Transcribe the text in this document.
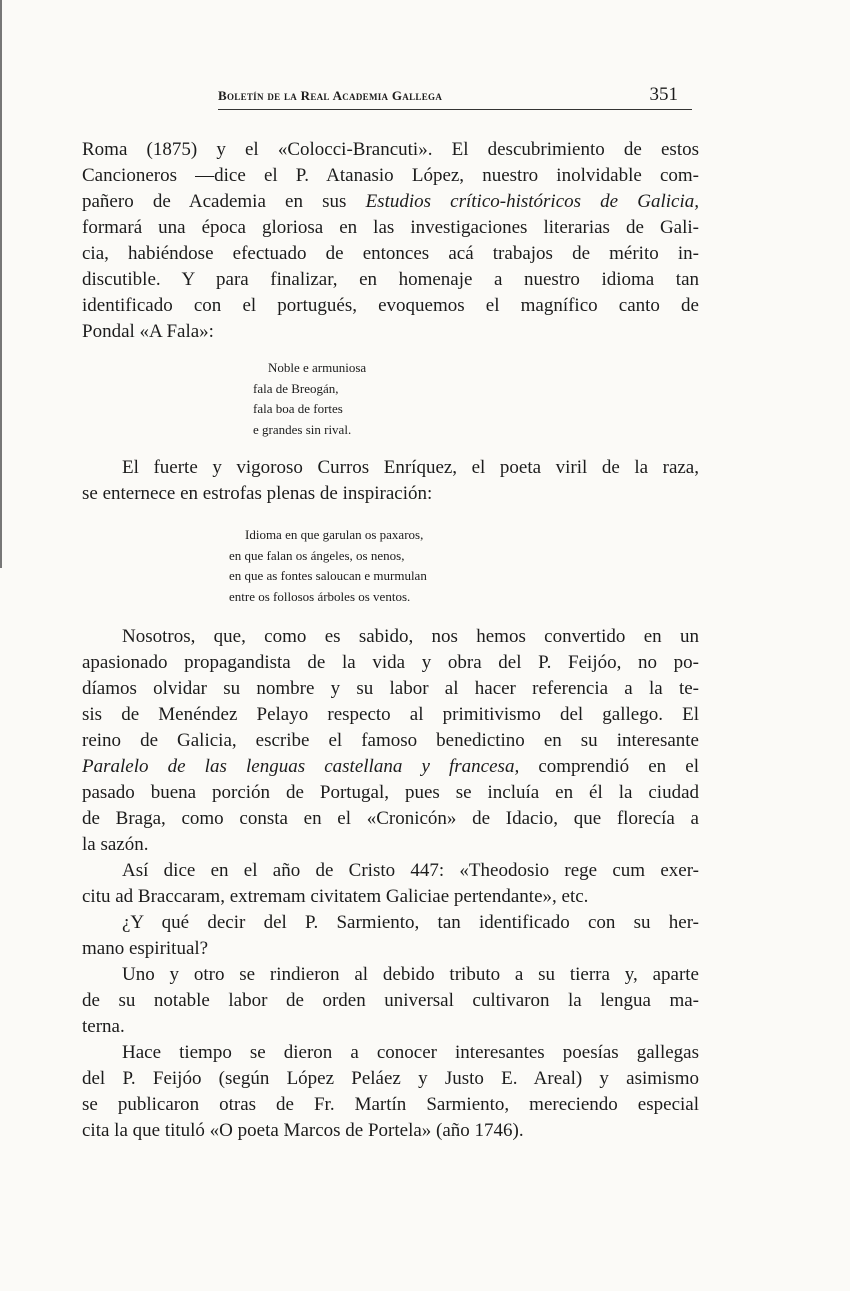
Boletín de la Real Academia Gallega	351
Roma (1875) y el «Colocci-Brancuti». El descubrimiento de estos
Cancioneros —dice el P. Atanasio López, nuestro inolvidable com-
pañero de Academia en sus Estudios crítico-históricos de Galicia,
formará una época gloriosa en las investigaciones literarias de Gali-
cia, habiéndose efectuado de entonces acá trabajos de mérito in-
discutible. Y para finalizar, en homenaje a nuestro idioma tan
identificado con el portugués, evoquemos el magnífico canto de
Pondal «A Fala»:
Noble e armuniosa
fala de Breogán,
fala boa de fortes
e grandes sin rival.
El fuerte y vigoroso Curros Enríquez, el poeta viril de la raza,
se enternece en estrofas plenas de inspiración:
Idioma en que garulan os paxaros,
en que falan os ángeles, os nenos,
en que as fontes saloucan e murmulan
entre os follosos árboles os ventos.
Nosotros, que, como es sabido, nos hemos convertido en un
apasionado propagandista de la vida y obra del P. Feijóo, no po-
díamos olvidar su nombre y su labor al hacer referencia a la te-
sis de Menéndez Pelayo respecto al primitivismo del gallego. El
reino de Galicia, escribe el famoso benedictino en su interesante
Paralelo de las lenguas castellana y francesa, comprendió en el
pasado buena porción de Portugal, pues se incluía en él la ciudad
de Braga, como consta en el «Cronicón» de Idacio, que florecía a
la sazón.
Así dice en el año de Cristo 447: «Theodosio rege cum exer-
citu ad Braccaram, extremam civitatem Galiciae pertendante», etc.
¿Y qué decir del P. Sarmiento, tan identificado con su her-
mano espiritual?
Uno y otro se rindieron al debido tributo a su tierra y, aparte
de su notable labor de orden universal cultivaron la lengua ma-
terna.
Hace tiempo se dieron a conocer interesantes poesías gallegas
del P. Feijóo (según López Peláez y Justo E. Areal) y asimismo
se publicaron otras de Fr. Martín Sarmiento, mereciendo especial
cita la que tituló «O poeta Marcos de Portela» (año 1746).
